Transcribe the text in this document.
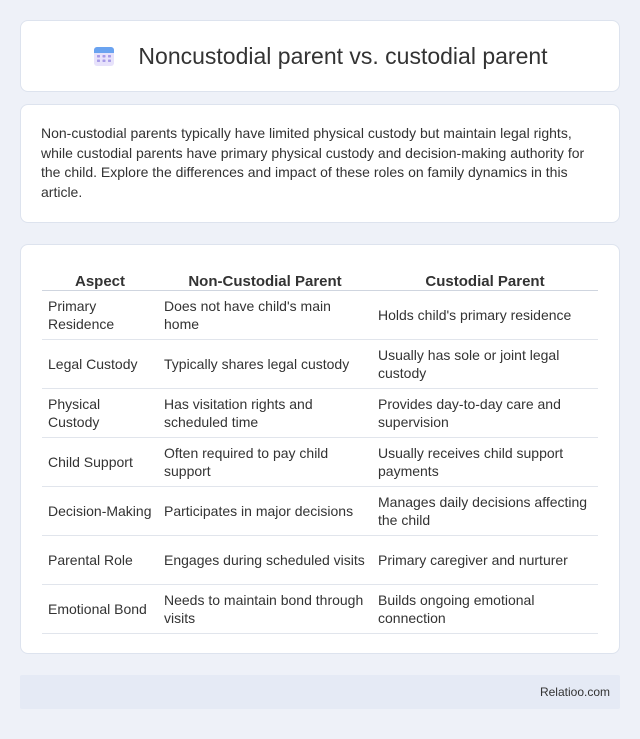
Noncustodial parent vs. custodial parent

Non-custodial parents typically have limited physical custody but maintain legal rights, while custodial parents have primary physical custody and decision-making authority for the child. Explore the differences and impact of these roles on family dynamics in this article.

Aspect	Non-Custodial Parent	Custodial Parent
Primary Residence	Does not have child's main home	Holds child's primary residence
Legal Custody	Typically shares legal custody	Usually has sole or joint legal custody
Physical Custody	Has visitation rights and scheduled time	Provides day-to-day care and supervision
Child Support	Often required to pay child support	Usually receives child support payments
Decision-Making	Participates in major decisions	Manages daily decisions affecting the child
Parental Role	Engages during scheduled visits	Primary caregiver and nurturer
Emotional Bond	Needs to maintain bond through visits	Builds ongoing emotional connection
Relatioo.com
